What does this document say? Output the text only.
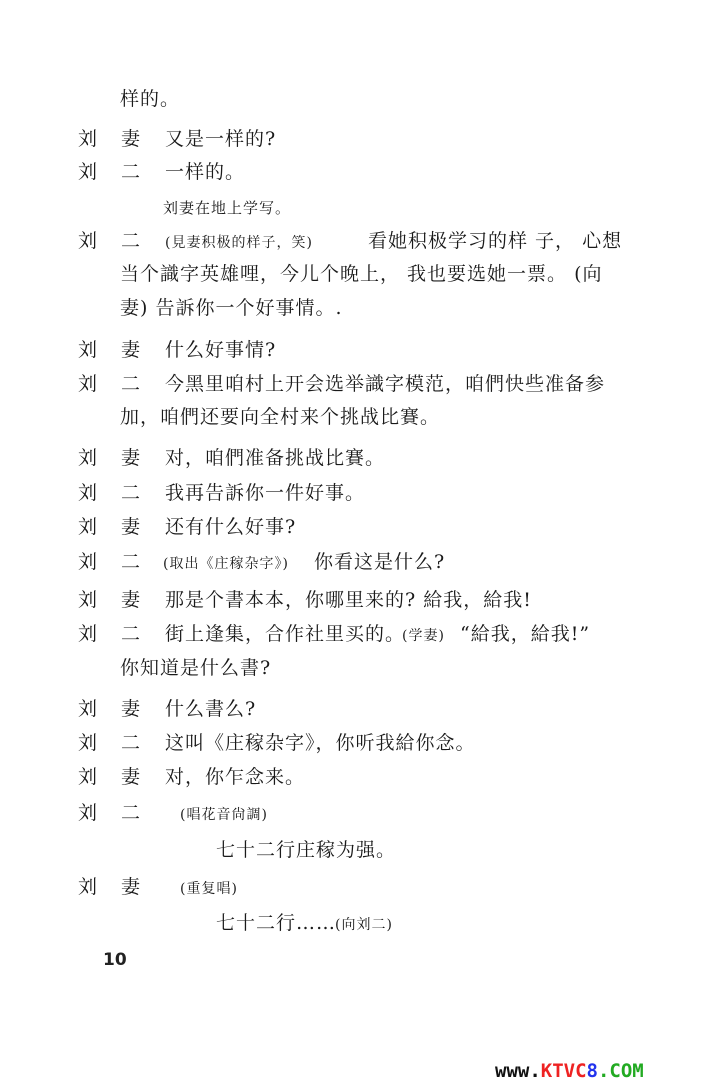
样的。
刘 妻 又是一样的?
刘 二 一样的。
刘妻在地上学写。
刘 二 (見妻积极的样子，笑)	看她积极学习的样 子， 心想
当个識字英雄哩，今儿个晚上， 我也要选她一票。 (向
妻) 告訴你一个好事情。.
刘 妻 什么好事情?
刘 二 今黑里咱村上开会选举識字模范，咱們快些准备参
加，咱們还要向全村来个挑战比賽。
刘 妻 对，咱們准备挑战比賽。
刘 二 我再告訴你一件好事。
刘 妻 还有什么好事?
刘 二 (取出《庄稼杂字》) 你看这是什么?
刘 妻 那是个書本本，你哪里来的? 給我，給我!
刘 二 街上逢集，合作社里买的。
(学妻) “給我，給我!”
你知道是什么書?
刘 妻 什么書么?
刘 二 这叫《庄稼杂字》，你听我給你念。
刘 妻 对，你乍念来。
刘 二	(唱花音尙調)
七十二行庄稼为强。
刘 妻	(重复唱)
七十二行……
(向刘二)
10
www.KTVC8.COM
